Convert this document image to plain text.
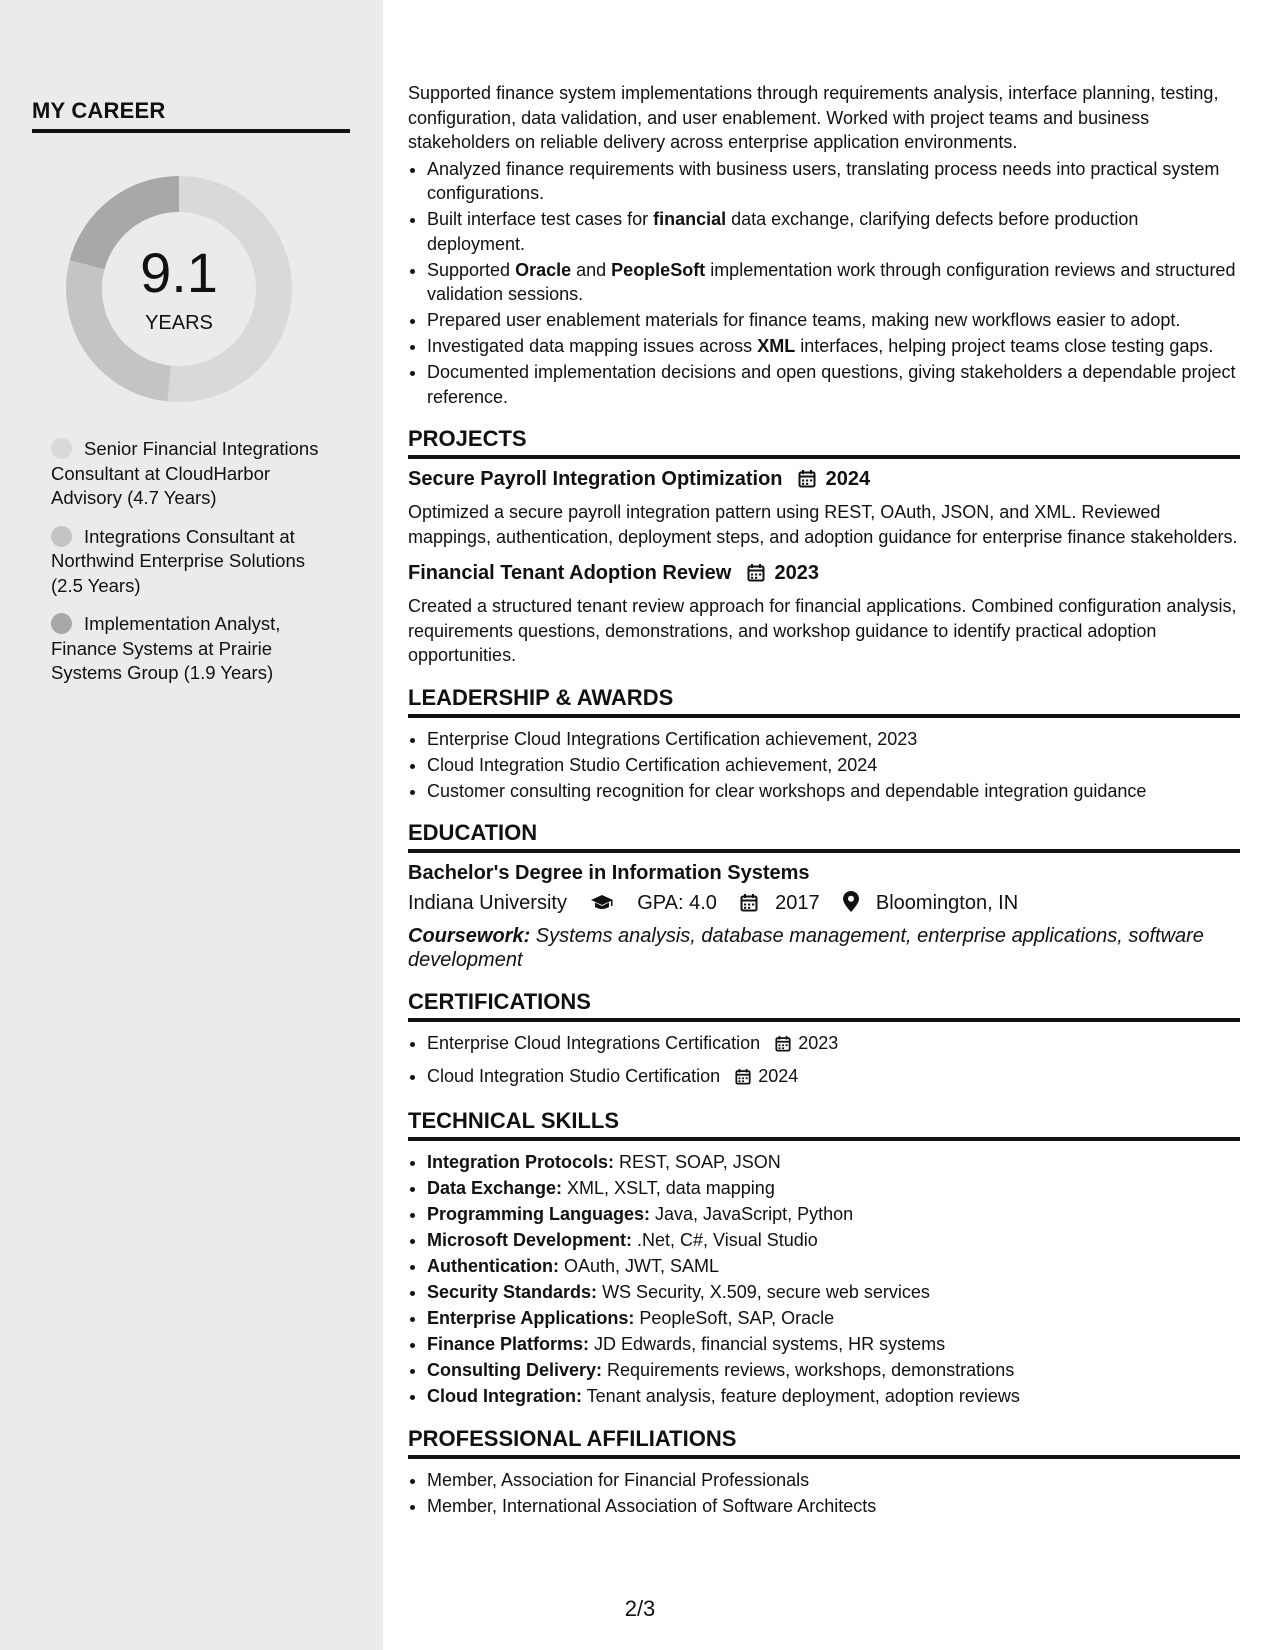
MY CAREER
9.1
YEARS
Senior Financial Integrations Consultant at CloudHarbor Advisory (4.7 Years)
Integrations Consultant at Northwind Enterprise Solutions (2.5 Years)
Implementation Analyst, Finance Systems at Prairie Systems Group (1.9 Years)
Supported finance system implementations through requirements analysis, interface planning, testing, configuration, data validation, and user enablement. Worked with project teams and business stakeholders on reliable delivery across enterprise application environments.
• Analyzed finance requirements with business users, translating process needs into practical system configurations.
• Built interface test cases for financial data exchange, clarifying defects before production deployment.
• Supported Oracle and PeopleSoft implementation work through configuration reviews and structured validation sessions.
• Prepared user enablement materials for finance teams, making new workflows easier to adopt.
• Investigated data mapping issues across XML interfaces, helping project teams close testing gaps.
• Documented implementation decisions and open questions, giving stakeholders a dependable project reference.
PROJECTS
Secure Payroll Integration Optimization 2024
Optimized a secure payroll integration pattern using REST, OAuth, JSON, and XML. Reviewed mappings, authentication, deployment steps, and adoption guidance for enterprise finance stakeholders.
Financial Tenant Adoption Review 2023
Created a structured tenant review approach for financial applications. Combined configuration analysis, requirements questions, demonstrations, and workshop guidance to identify practical adoption opportunities.
LEADERSHIP & AWARDS
• Enterprise Cloud Integrations Certification achievement, 2023
• Cloud Integration Studio Certification achievement, 2024
• Customer consulting recognition for clear workshops and dependable integration guidance
EDUCATION
Bachelor's Degree in Information Systems
Indiana University	GPA: 4.0	2017	Bloomington, IN
Coursework: Systems analysis, database management, enterprise applications, software development
CERTIFICATIONS
• Enterprise Cloud Integrations Certification 2023
• Cloud Integration Studio Certification 2024
TECHNICAL SKILLS
• Integration Protocols: REST, SOAP, JSON
• Data Exchange: XML, XSLT, data mapping
• Programming Languages: Java, JavaScript, Python
• Microsoft Development: .Net, C#, Visual Studio
• Authentication: OAuth, JWT, SAML
• Security Standards: WS Security, X.509, secure web services
• Enterprise Applications: PeopleSoft, SAP, Oracle
• Finance Platforms: JD Edwards, financial systems, HR systems
• Consulting Delivery: Requirements reviews, workshops, demonstrations
• Cloud Integration: Tenant analysis, feature deployment, adoption reviews
PROFESSIONAL AFFILIATIONS
• Member, Association for Financial Professionals
• Member, International Association of Software Architects
2/3
